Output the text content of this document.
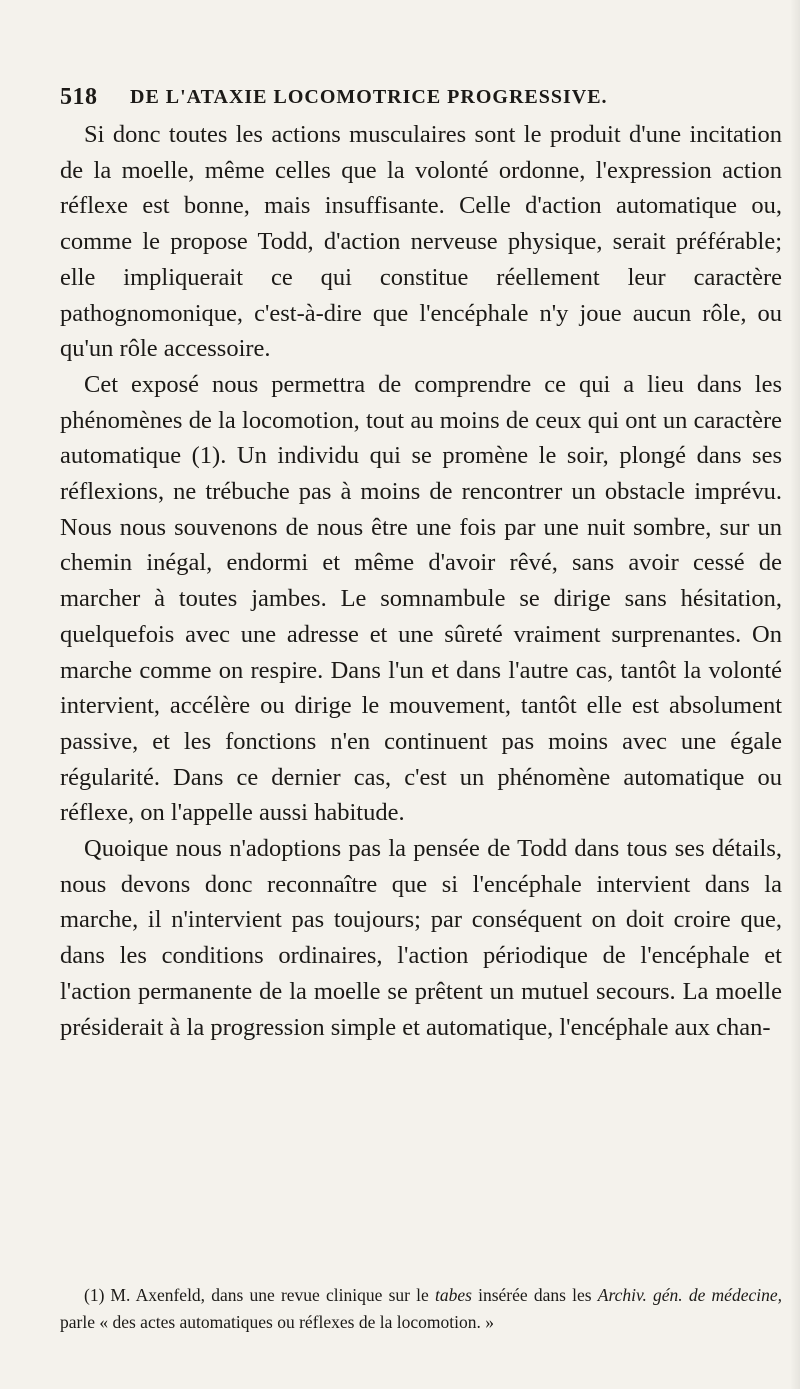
518 DE L'ATAXIE LOCOMOTRICE PROGRESSIVE.

Si donc toutes les actions musculaires sont le produit d'une incitation de la moelle, même celles que la volonté ordonne, l'expression action réflexe est bonne, mais insuffisante. Celle d'action automatique ou, comme le propose Todd, d'action nerveuse physique, serait préférable; elle impliquerait ce qui constitue réellement leur caractère pathognomonique, c'est-à-dire que l'encéphale n'y joue aucun rôle, ou qu'un rôle accessoire.

Cet exposé nous permettra de comprendre ce qui a lieu dans les phénomènes de la locomotion, tout au moins de ceux qui ont un caractère automatique (1). Un individu qui se promène le soir, plongé dans ses réflexions, ne trébuche pas à moins de rencontrer un obstacle imprévu. Nous nous souvenons de nous être une fois par une nuit sombre, sur un chemin inégal, endormi et même d'avoir rêvé, sans avoir cessé de marcher à toutes jambes. Le somnambule se dirige sans hésitation, quelquefois avec une adresse et une sûreté vraiment surprenantes. On marche comme on respire. Dans l'un et dans l'autre cas, tantôt la volonté intervient, accélère ou dirige le mouvement, tantôt elle est absolument passive, et les fonctions n'en continuent pas moins avec une égale régularité. Dans ce dernier cas, c'est un phénomène automatique ou réflexe, on l'appelle aussi habitude.

Quoique nous n'adoptions pas la pensée de Todd dans tous ses détails, nous devons donc reconnaître que si l'encéphale intervient dans la marche, il n'intervient pas toujours; par conséquent on doit croire que, dans les conditions ordinaires, l'action périodique de l'encéphale et l'action permanente de la moelle se prêtent un mutuel secours. La moelle présiderait à la progression simple et automatique, l'encéphale aux chan-

(1) M. Axenfeld, dans une revue clinique sur le tabes insérée dans les Archiv. gén. de médecine, parle « des actes automatiques ou réflexes de la locomotion. »
